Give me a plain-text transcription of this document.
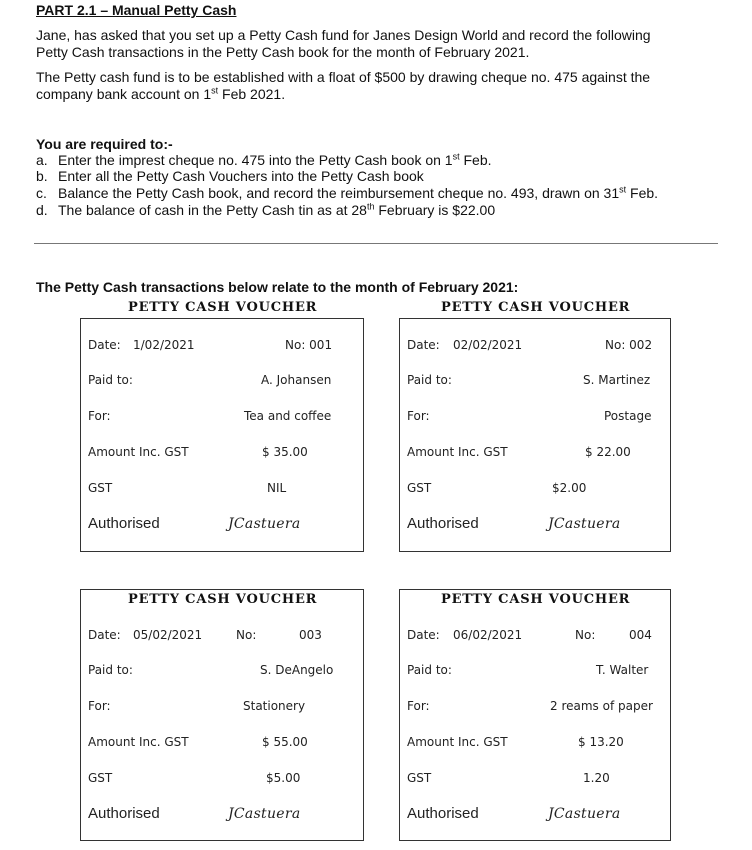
PART 2.1 – Manual Petty Cash
Jane, has asked that you set up a Petty Cash fund for Janes Design World and record the following
Petty Cash transactions in the Petty Cash book for the month of February 2021.
The Petty cash fund is to be established with a float of $500 by drawing cheque no. 475 against the
company bank account on 1st Feb 2021.
You are required to:-
a. Enter the imprest cheque no. 475 into the Petty Cash book on 1st Feb.
b. Enter all the Petty Cash Vouchers into the Petty Cash book
c. Balance the Petty Cash book, and record the reimbursement cheque no. 493, drawn on 31st Feb.
d. The balance of cash in the Petty Cash tin as at 28th February is $22.00
The Petty Cash transactions below relate to the month of February 2021:
PETTY CASH VOUCHER
Date: 1/02/2021	No: 001
Paid to:	A. Johansen
For:	Tea and coffee
Amount Inc. GST	$ 35.00
GST	NIL
Authorised	JCastuera
PETTY CASH VOUCHER
Date: 02/02/2021	No: 002
Paid to:	S. Martinez
For:	Postage
Amount Inc. GST	$ 22.00
GST	$2.00
Authorised	JCastuera
PETTY CASH VOUCHER
Date: 05/02/2021	No:	003
Paid to:	S. DeAngelo
For:	Stationery
Amount Inc. GST	$ 55.00
GST	$5.00
Authorised	JCastuera
PETTY CASH VOUCHER
Date: 06/02/2021	No:	004
Paid to:	T. Walter
For:	2 reams of paper
Amount Inc. GST	$ 13.20
GST	1.20
Authorised	JCastuera
